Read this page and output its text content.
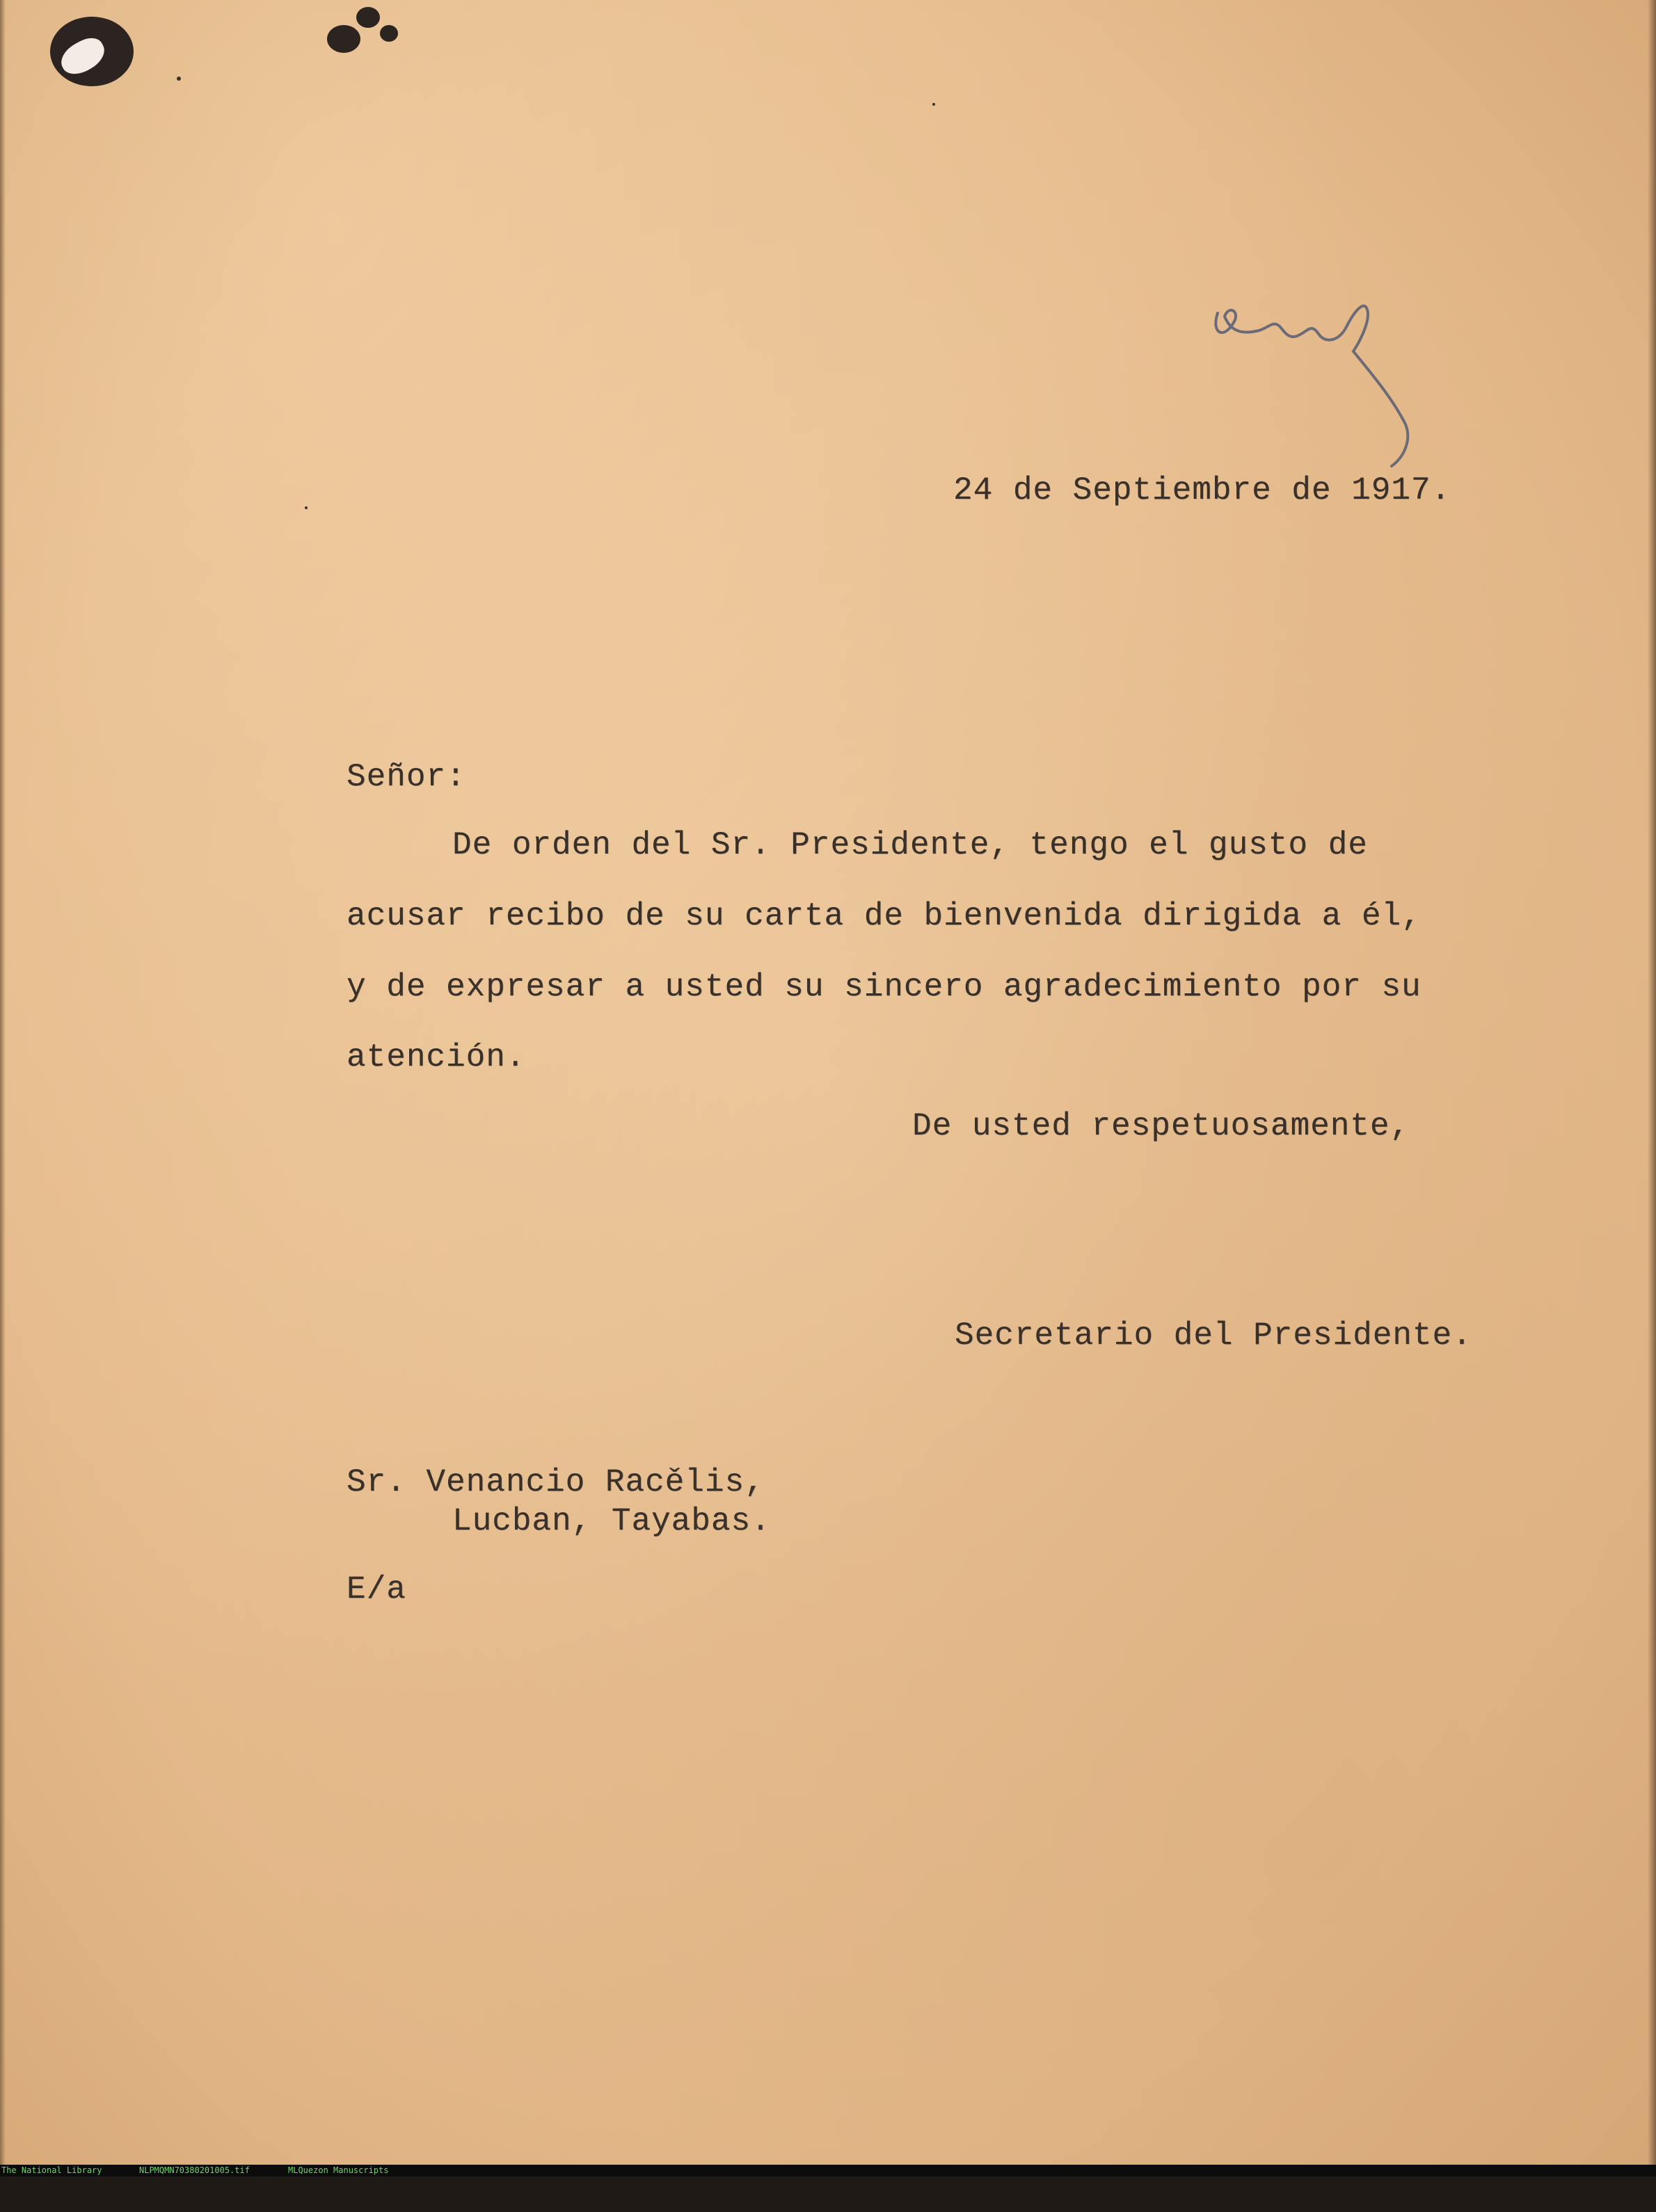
24 de Septiembre de 1917.
Señor:
De orden del Sr. Presidente, tengo el gusto de
acusar recibo de su carta de bienvenida dirigida a él,
y de expresar a usted su sincero agradecimiento por su
atención.
De usted respetuosamente,
Secretario del Presidente.
Sr. Venancio Racělis,
Lucban, Tayabas.
E/a

The National Library

	NLPMQMN70380201005.tif

	MLQuezon Manuscripts
